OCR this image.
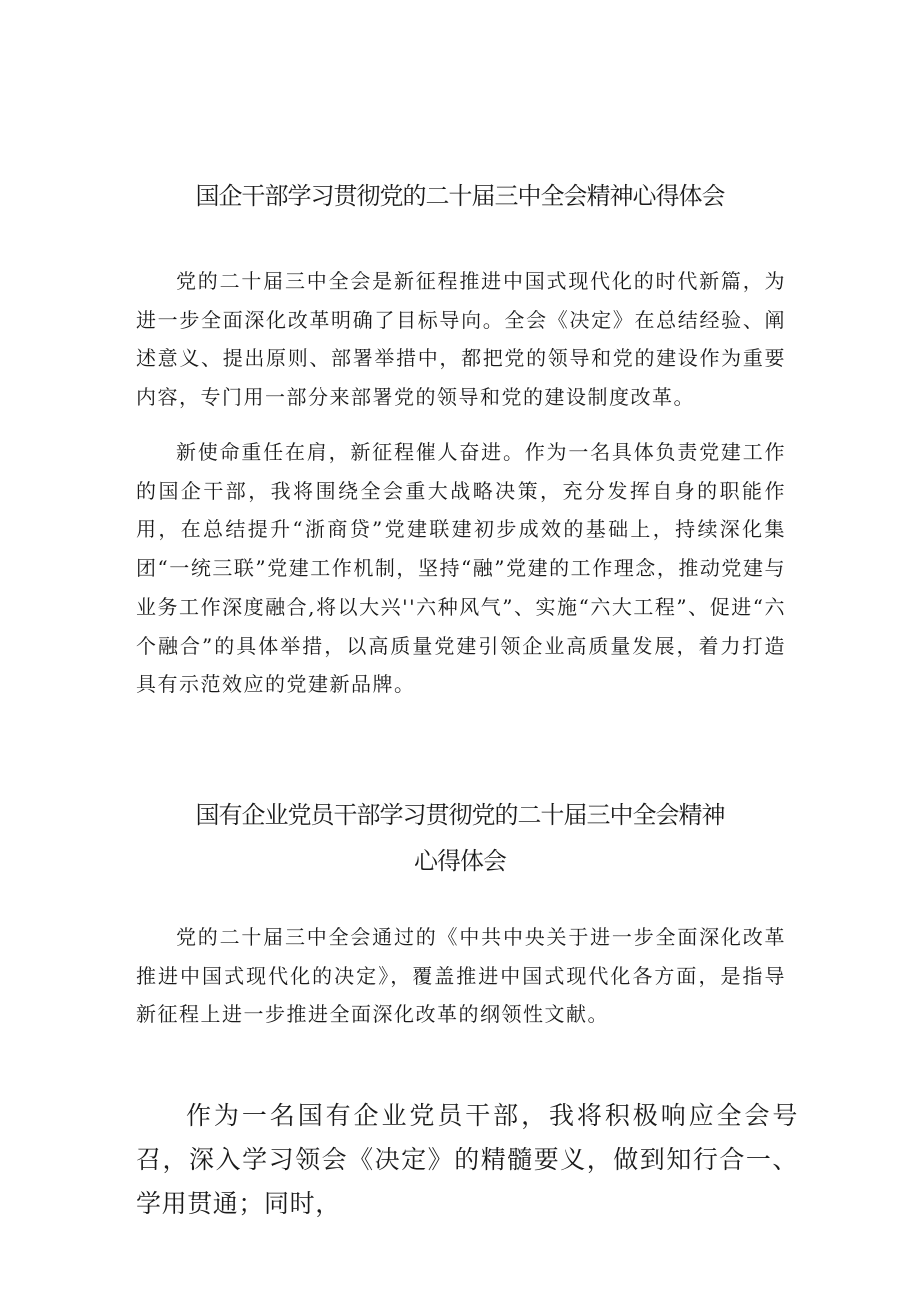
国企干部学习贯彻党的二十届三中全会精神心得体会

党的二十届三中全会是新征程推进中国式现代化的时代新篇，为进一步全面深化改革明确了目标导向。全会《决定》在总结经验、阐述意义、提出原则、部署举措中，都把党的领导和党的建设作为重要内容，专门用一部分来部署党的领导和党的建设制度改革。

新使命重任在肩，新征程催人奋进。作为一名具体负责党建工作的国企干部，我将围绕全会重大战略决策，充分发挥自身的职能作用，在总结提升“浙商贷”党建联建初步成效的基础上，持续深化集团“一统三联”党建工作机制，坚持“融”党建的工作理念，推动党建与业务工作深度融合,将以大兴''六种风气”、实施“六大工程”、促进“六个融合”的具体举措，以高质量党建引领企业高质量发展，着力打造具有示范效应的党建新品牌。

国有企业党员干部学习贯彻党的二十届三中全会精神
心得体会

党的二十届三中全会通过的《中共中央关于进一步全面深化改革推进中国式现代化的决定》，覆盖推进中国式现代化各方面，是指导新征程上进一步推进全面深化改革的纲领性文献。

作为一名国有企业党员干部，我将积极响应全会号召，深入学习领会《决定》的精髓要义，做到知行合一、学用贯通；同时，
